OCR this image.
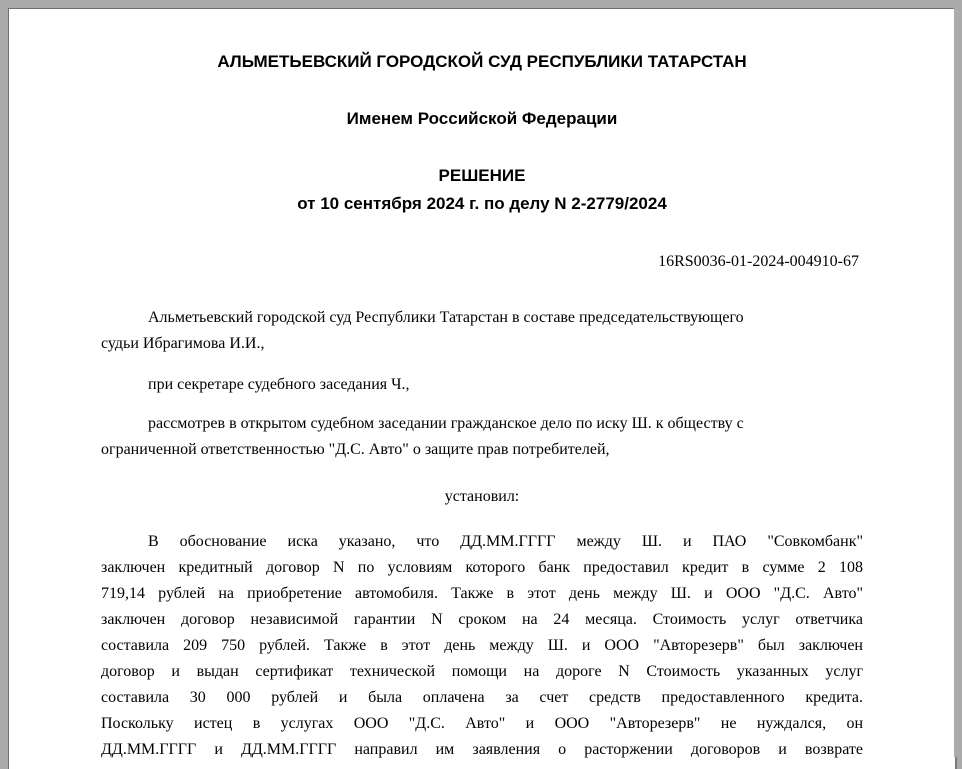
АЛЬМЕТЬЕВСКИЙ ГОРОДСКОЙ СУД РЕСПУБЛИКИ ТАТАРСТАН
Именем Российской Федерации
РЕШЕНИЕ
от 10 сентября 2024 г. по делу N 2-2779/2024
16RS0036-01-2024-004910-67
Альметьевский городской суд Республики Татарстан в составе председательствующего
судьи Ибрагимова И.И.,
при секретаре судебного заседания Ч.,
рассмотрев в открытом судебном заседании гражданское дело по иску Ш. к обществу с
ограниченной ответственностью "Д.С. Авто" о защите прав потребителей,
установил:
В обоснование иска указано, что ДД.ММ.ГГГГ между Ш. и ПАО "Совкомбанк"
заключен кредитный договор N по условиям которого банк предоставил кредит в сумме 2 108
719,14 рублей на приобретение автомобиля. Также в этот день между Ш. и ООО "Д.С. Авто"
заключен договор независимой гарантии N сроком на 24 месяца. Стоимость услуг ответчика
составила 209 750 рублей. Также в этот день между Ш. и ООО "Авторезерв" был заключен
договор и выдан сертификат технической помощи на дороге N Стоимость указанных услуг
составила 30 000 рублей и была оплачена за счет средств предоставленного кредита.
Поскольку истец в услугах ООО "Д.С. Авто" и ООО "Авторезерв" не нуждался, он
ДД.ММ.ГГГГ и ДД.ММ.ГГГГ направил им заявления о расторжении договоров и возврате
